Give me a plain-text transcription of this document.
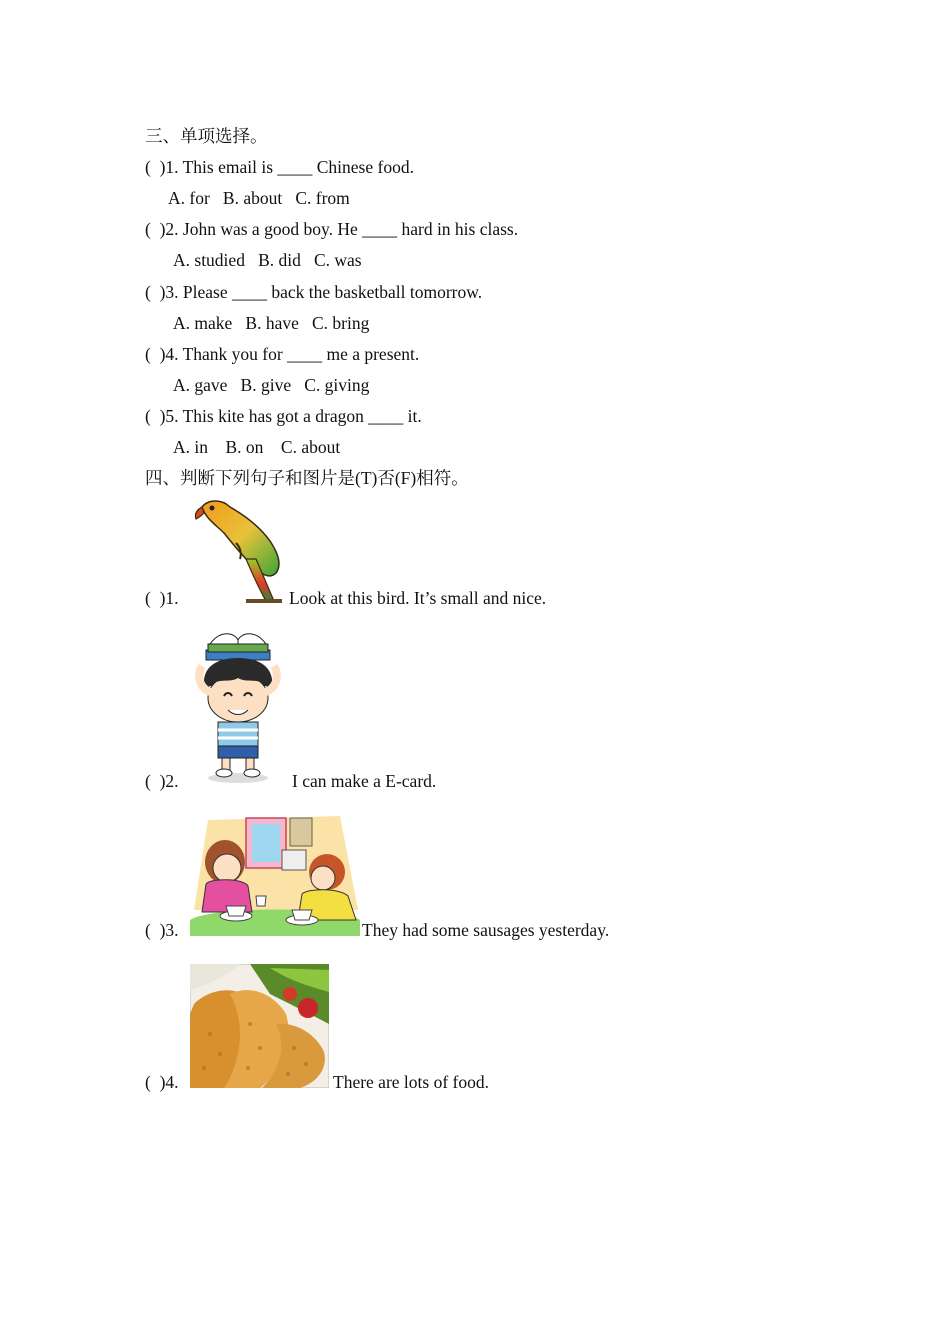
三、单项选择。
(  )1. This email is ____ Chinese food.
A. for   B. about   C. from
(  )2. John was a good boy. He ____ hard in his class.
A. studied   B. did   C. was
(  )3. Please ____ back the basketball tomorrow.
A. make   B. have   C. bring
(  )4. Thank you for ____ me a present.
A. gave   B. give   C. giving
(  )5. This kite has got a dragon ____ it.
A. in    B. on    C. about
四、判断下列句子和图片是(T)否(F)相符。
(  )1.	Look at this bird. It’s small and nice.
(  )2.	I can make a E-card.
(  )3.	They had some sausages yesterday.
(  )4.	There are lots of food.
